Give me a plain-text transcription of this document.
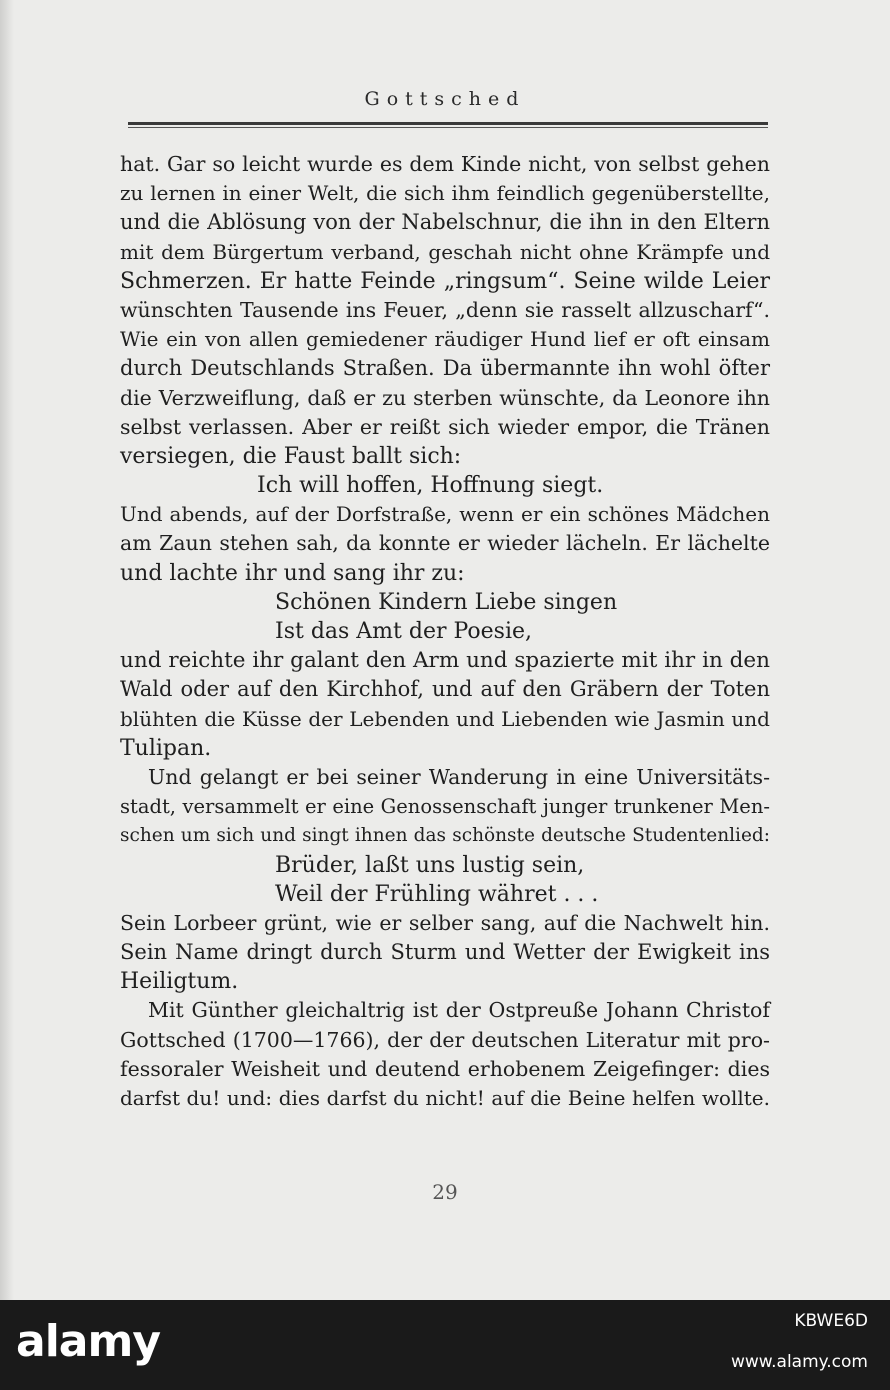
Gottsched
hat. Gar so leicht wurde es dem Kinde nicht, von selbst gehen
zu lernen in einer Welt, die sich ihm feindlich gegenüberstellte,
und die Ablösung von der Nabelschnur, die ihn in den Eltern
mit dem Bürgertum verband, geschah nicht ohne Krämpfe und
Schmerzen. Er hatte Feinde „ringsum“. Seine wilde Leier
wünschten Tausende ins Feuer, „denn sie rasselt allzuscharf“.
Wie ein von allen gemiedener räudiger Hund lief er oft einsam
durch Deutschlands Straßen. Da übermannte ihn wohl öfter
die Verzweiflung, daß er zu sterben wünschte, da Leonore ihn
selbst verlassen. Aber er reißt sich wieder empor, die Tränen
versiegen, die Faust ballt sich:
Ich will hoffen, Hoffnung siegt.
Und abends, auf der Dorfstraße, wenn er ein schönes Mädchen
am Zaun stehen sah, da konnte er wieder lächeln. Er lächelte
und lachte ihr und sang ihr zu:
Schönen Kindern Liebe singen
Ist das Amt der Poesie,
und reichte ihr galant den Arm und spazierte mit ihr in den
Wald oder auf den Kirchhof, und auf den Gräbern der Toten
blühten die Küsse der Lebenden und Liebenden wie Jasmin und
Tulipan.
Und gelangt er bei seiner Wanderung in eine Universitäts-
stadt, versammelt er eine Genossenschaft junger trunkener Men-
schen um sich und singt ihnen das schönste deutsche Studentenlied:
Brüder, laßt uns lustig sein,
Weil der Frühling währet . . .
Sein Lorbeer grünt, wie er selber sang, auf die Nachwelt hin.
Sein Name dringt durch Sturm und Wetter der Ewigkeit ins
Heiligtum.
Mit Günther gleichaltrig ist der Ostpreuße Johann Christof
Gottsched (1700—1766), der der deutschen Literatur mit pro-
fessoraler Weisheit und deutend erhobenem Zeigefinger: dies
darfst du! und: dies darfst du nicht! auf die Beine helfen wollte.
29
alamy	KBWE6D
www.alamy.com
